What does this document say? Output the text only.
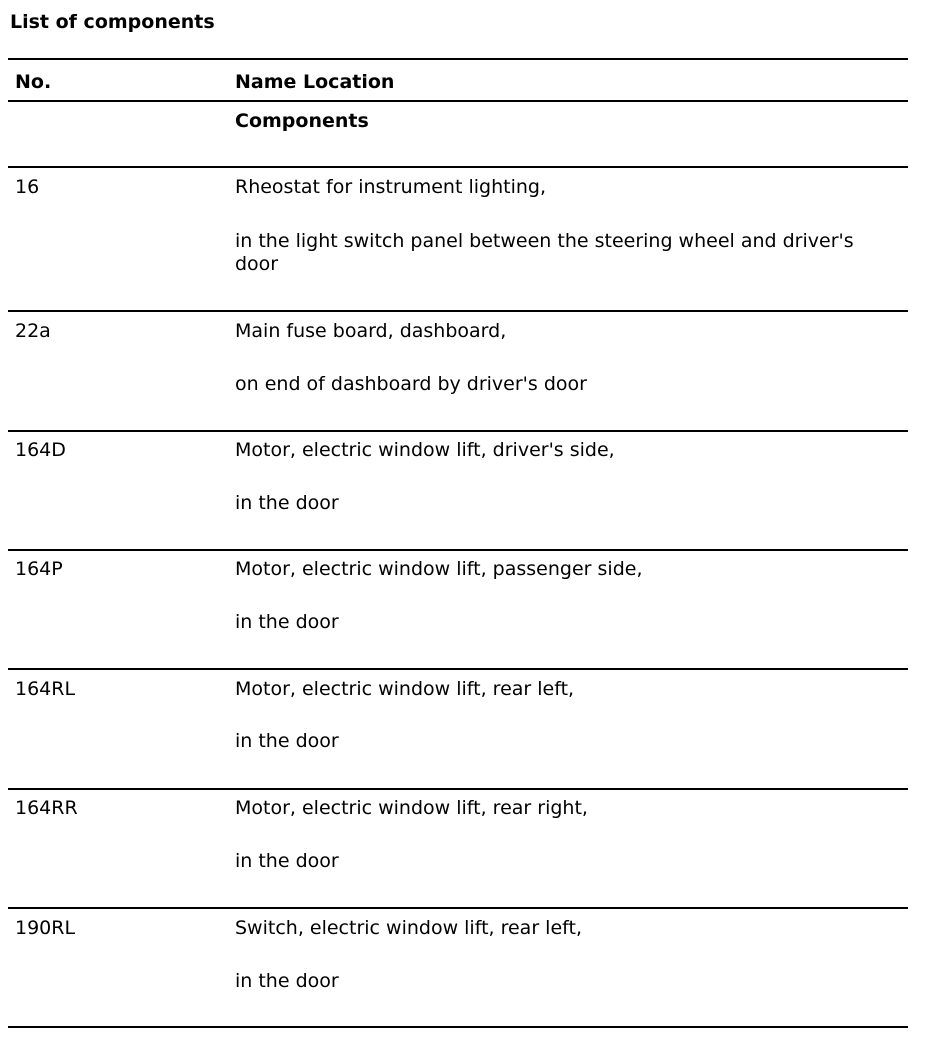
List of components
No.	Name Location
Components
16	Rheostat for instrument lighting,
in the light switch panel between the steering wheel and driver's door
22a	Main fuse board, dashboard,
on end of dashboard by driver's door
164D	Motor, electric window lift, driver's side,
in the door
164P	Motor, electric window lift, passenger side,
in the door
164RL	Motor, electric window lift, rear left,
in the door
164RR	Motor, electric window lift, rear right,
in the door
190RL	Switch, electric window lift, rear left,
in the door
